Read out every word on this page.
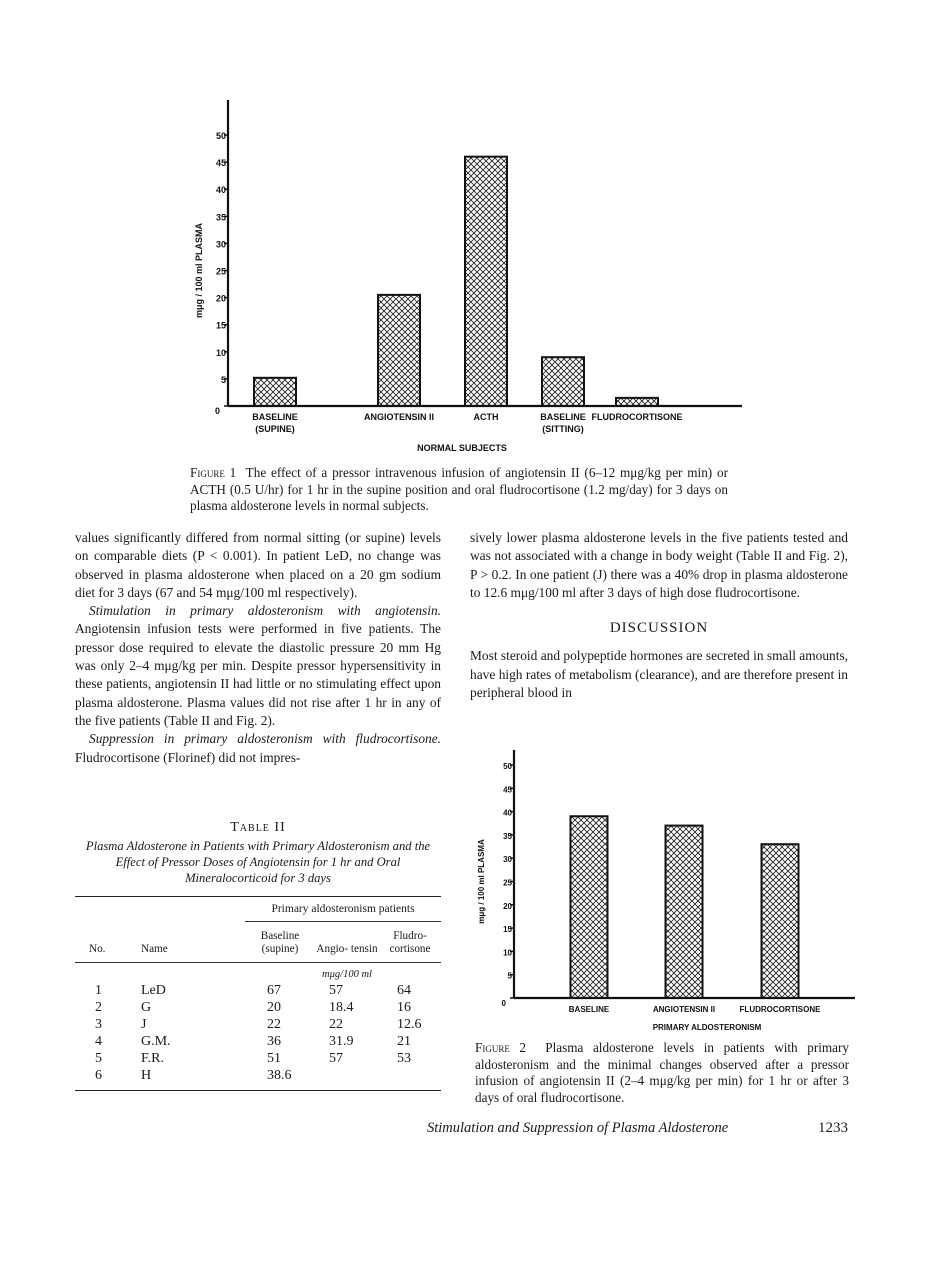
0
5
10
15
20
25
30
35
40
45
50
mμg / 100 ml PLASMA
BASELINE
(SUPINE)
ANGIOTENSIN II	ACTH	BASELINE
(SITTING)
FLUDROCORTISONE
NORMAL SUBJECTS
Figure 1 The effect of a pressor intravenous infusion of angiotensin II (6–12 mμg/kg per min) or ACTH (0.5 U/hr) for 1 hr in the supine position and oral fludrocortisone (1.2 mg/day) for 3 days on plasma aldosterone levels in normal subjects.

values significantly differed from normal sitting (or supine) levels on comparable diets (P < 0.001). In patient LeD, no change was observed in plasma aldosterone when placed on a 20 gm sodium diet for 3 days (67 and 54 mμg/100 ml respectively).

Stimulation in primary aldosteronism with angiotensin. Angiotensin infusion tests were performed in five patients. The pressor dose required to elevate the diastolic pressure 20 mm Hg was only 2–4 mμg/kg per min. Despite pressor hypersensitivity in these patients, angiotensin II had little or no stimulating effect upon plasma aldosterone. Plasma values did not rise after 1 hr in any of the five patients (Table II and Fig. 2).

Suppression in primary aldosteronism with fludrocortisone. Fludrocortisone (Florinef) did not impres-

Table II
Plasma Aldosterone in Patients with Primary Aldosteronism and the Effect of Pressor Doses of Angiotensin for 1 hr and Oral Mineralocorticoid for 3 days
		Primary aldosteronism patients		
No.	Name	Baseline (supine)	Angio- tensin	Fludro- cortisone

			mμg/100 ml	
1	LeD	67	57	64
2	G	20	18.4	16
3	J	22	22	12.6
4	G.M.	36	31.9	21
5	F.R.	51	57	53
6	H	38.6		

sively lower plasma aldosterone levels in the five patients tested and was not associated with a change in body weight (Table II and Fig. 2), P > 0.2. In one patient (J) there was a 40% drop in plasma aldosterone to 12.6 mμg/100 ml after 3 days of high dose fludrocortisone.

DISCUSSION

Most steroid and polypeptide hormones are secreted in small amounts, have high rates of metabolism (clearance), and are therefore present in peripheral blood in

0
5
10
15
20
25
30
35
40
45
50
mμg / 100 ml PLASMA
BASELINE	ANGIOTENSIN II	FLUDROCORTISONE
PRIMARY ALDOSTERONISM
Figure 2 Plasma aldosterone levels in patients with primary aldosteronism and the minimal changes observed after a pressor infusion of angiotensin II (2–4 mμg/kg per min) for 1 hr or after 3 days of oral fludrocortisone.
Stimulation and Suppression of Plasma Aldosterone	1233
